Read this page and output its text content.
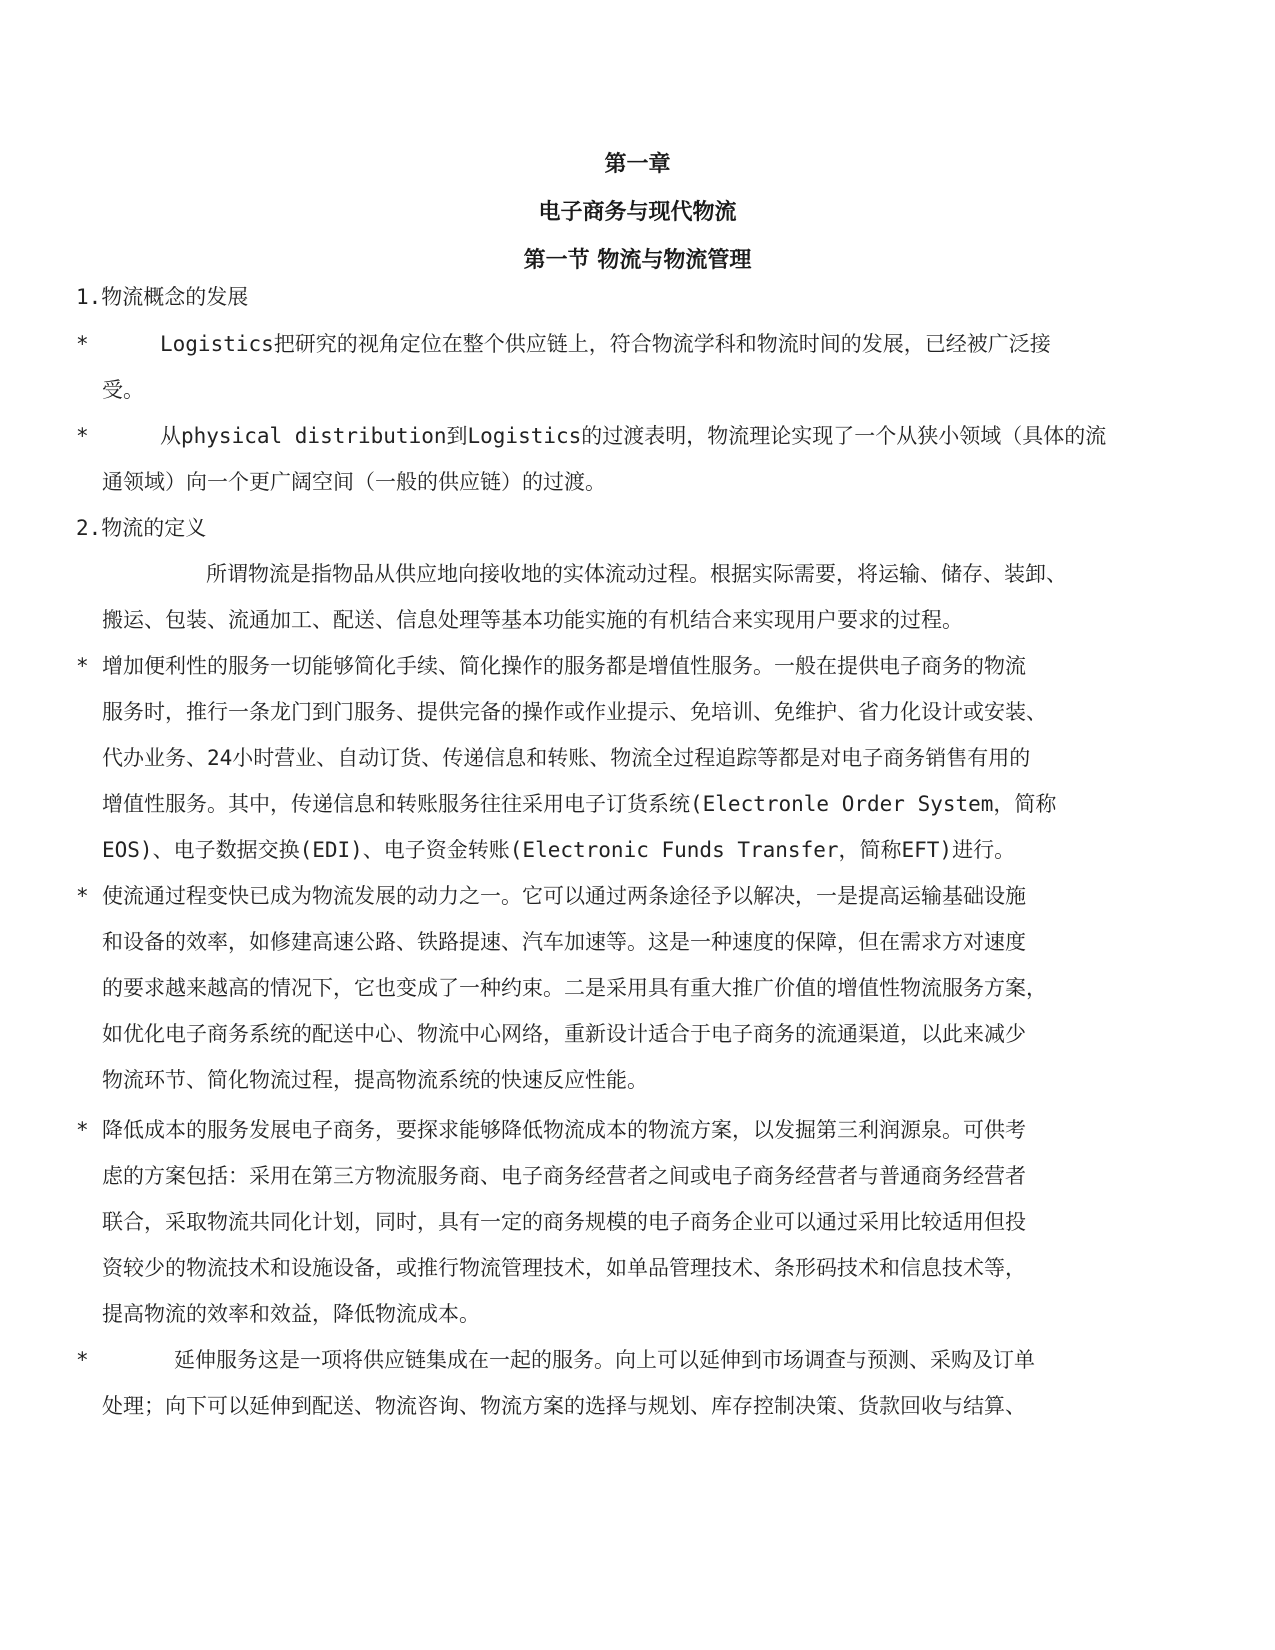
第一章
电子商务与现代物流
第一节 物流与物流管理
1.物流概念的发展
*	Logistics把研究的视角定位在整个供应链上，符合物流学科和物流时间的发展，已经被广泛接
受。
*	从physical distribution到Logistics的过渡表明，物流理论实现了一个从狭小领域（具体的流
通领域）向一个更广阔空间（一般的供应链）的过渡。
2.物流的定义
所谓物流是指物品从供应地向接收地的实体流动过程。根据实际需要，将运输、储存、装卸、
搬运、包装、流通加工、配送、信息处理等基本功能实施的有机结合来实现用户要求的过程。
* 增加便利性的服务一切能够简化手续、简化操作的服务都是增值性服务。一般在提供电子商务的物流
服务时，推行一条龙门到门服务、提供完备的操作或作业提示、免培训、免维护、省力化设计或安装、
代办业务、24小时营业、自动订货、传递信息和转账、物流全过程追踪等都是对电子商务销售有用的
增值性服务。其中，传递信息和转账服务往往采用电子订货系统(Electronle Order System，简称
EOS)、电子数据交换(EDI)、电子资金转账(Electronic Funds Transfer，简称EFT)进行。
* 使流通过程变快已成为物流发展的动力之一。它可以通过两条途径予以解决，一是提高运输基础设施
和设备的效率，如修建高速公路、铁路提速、汽车加速等。这是一种速度的保障，但在需求方对速度
的要求越来越高的情况下，它也变成了一种约束。二是采用具有重大推广价值的增值性物流服务方案，
如优化电子商务系统的配送中心、物流中心网络，重新设计适合于电子商务的流通渠道，以此来减少
物流环节、简化物流过程，提高物流系统的快速反应性能。
* 降低成本的服务发展电子商务，要探求能够降低物流成本的物流方案，以发掘第三利润源泉。可供考
虑的方案包括：采用在第三方物流服务商、电子商务经营者之间或电子商务经营者与普通商务经营者
联合，采取物流共同化计划，同时，具有一定的商务规模的电子商务企业可以通过采用比较适用但投
资较少的物流技术和设施设备，或推行物流管理技术，如单品管理技术、条形码技术和信息技术等，
提高物流的效率和效益，降低物流成本。
*	延伸服务这是一项将供应链集成在一起的服务。向上可以延伸到市场调查与预测、采购及订单
处理；向下可以延伸到配送、物流咨询、物流方案的选择与规划、库存控制决策、货款回收与结算、
